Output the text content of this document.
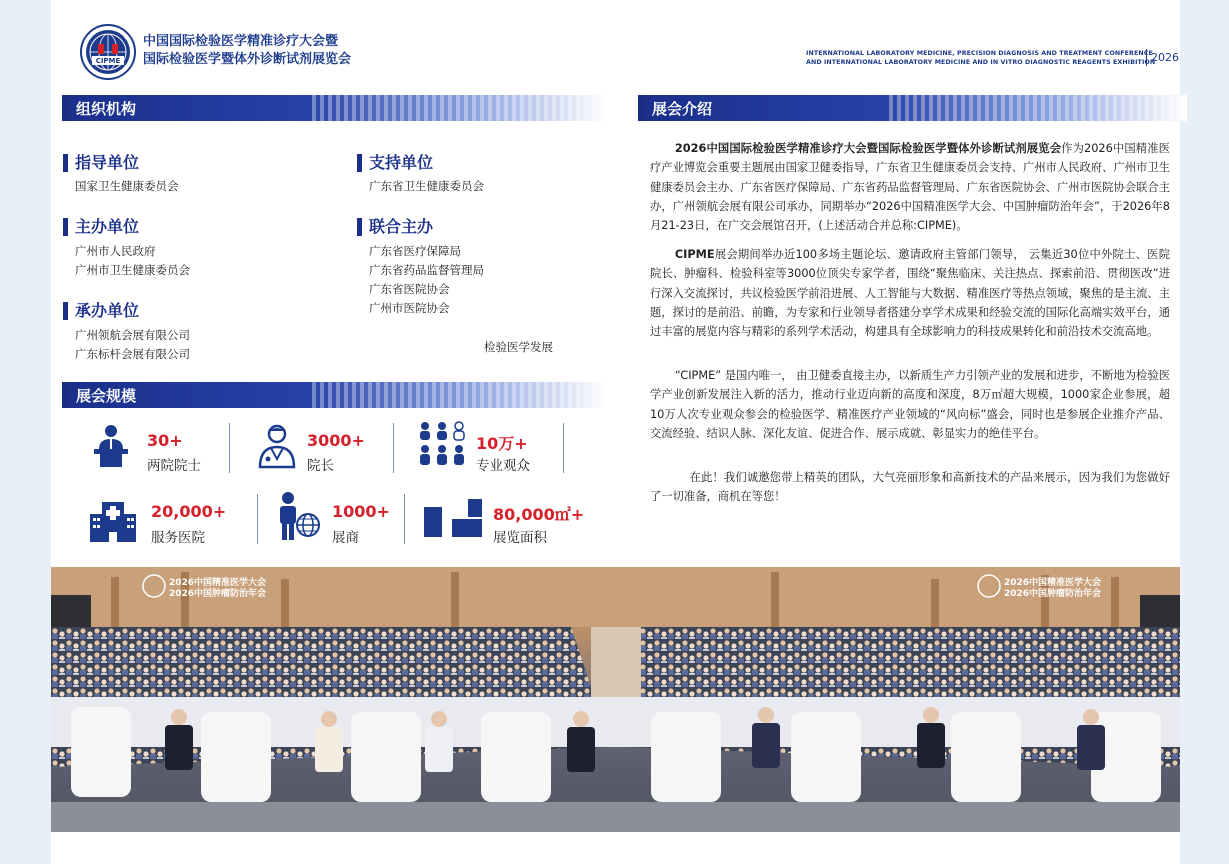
CIPME
中国国际检验医学精准诊疗大会暨
国际检验医学暨体外诊断试剂展览会	INTERNATIONAL LABORATORY MEDICINE, PRECISION DIAGNOSIS AND TREATMENT CONFERENCE
AND INTERNATIONAL LABORATORY MEDICINE AND IN VITRO DIAGNOSTIC REAGENTS EXHIBITION
2026
组织机构
指导单位
国家卫生健康委员会
支持单位
广东省卫生健康委员会
主办单位
广州市人民政府
广州市卫生健康委员会
联合主办
广东省医疗保障局
广东省药品监督管理局
广东省医院协会
广州市医院协会
承办单位
广州领航会展有限公司
广东标杆会展有限公司	检验医学发展
展会规模
30+
两院院士
3000+
院长
10万+
专业观众
20,000+
服务医院
1000+
展商
80,000㎡+
展览面积
展会介绍

2026中国国际检验医学精准诊疗大会暨国际检验医学暨体外诊断试剂展览会作为2026中国精准医疗产业博览会重要主题展由国家卫健委指导，广东省卫生健康委员会支持、广州市人民政府、广州市卫生健康委员会主办、广东省医疗保障局、广东省药品监督管理局、广东省医院协会、广州市医院协会联合主办，广州领航会展有限公司承办，同期举办“2026中国精准医学大会、中国肿瘤防治年会”，于2026年8月21-23日，在广交会展馆召开，(上述活动合并总称:CIPME)。

CIPME展会期间举办近100多场主题论坛、邀请政府主管部门领导， 云集近30位中外院士、医院院长、肿瘤科、检验科室等3000位顶尖专家学者，围绕“聚焦临床、关注热点、探索前沿、贯彻医改”进行深入交流探讨，共议检验医学前沿进展、人工智能与大数据、精准医疗等热点领域，聚焦的是主流、主题，探讨的是前沿、前瞻，为专家和行业领导者搭建分享学术成果和经验交流的国际化高端实效平台，通过丰富的展览内容与精彩的系列学术活动，构建具有全球影响力的科技成果转化和前沿技术交流高地。

“CIPME” 是国内唯一， 由卫健委直接主办，以新质生产力引领产业的发展和进步，不断地为检验医学产业创新发展注入新的活力，推动行业迈向新的高度和深度，8万㎡超大规模，1000家企业参展，超10万人次专业观众参会的检验医学、精准医疗产业领域的“风向标”盛会，同时也是参展企业推介产品、交流经验、结识人脉、深化友谊、促进合作、展示成就、彰显实力的绝佳平台。

在此！我们诚邀您带上精英的团队，大气亮丽形象和高新技术的产品来展示，因为我们为您做好了一切准备，商机在等您！

2026中国精准医学大会
2026中国肿瘤防治年会
2026中国精准医学大会
2026中国肿瘤防治年会
